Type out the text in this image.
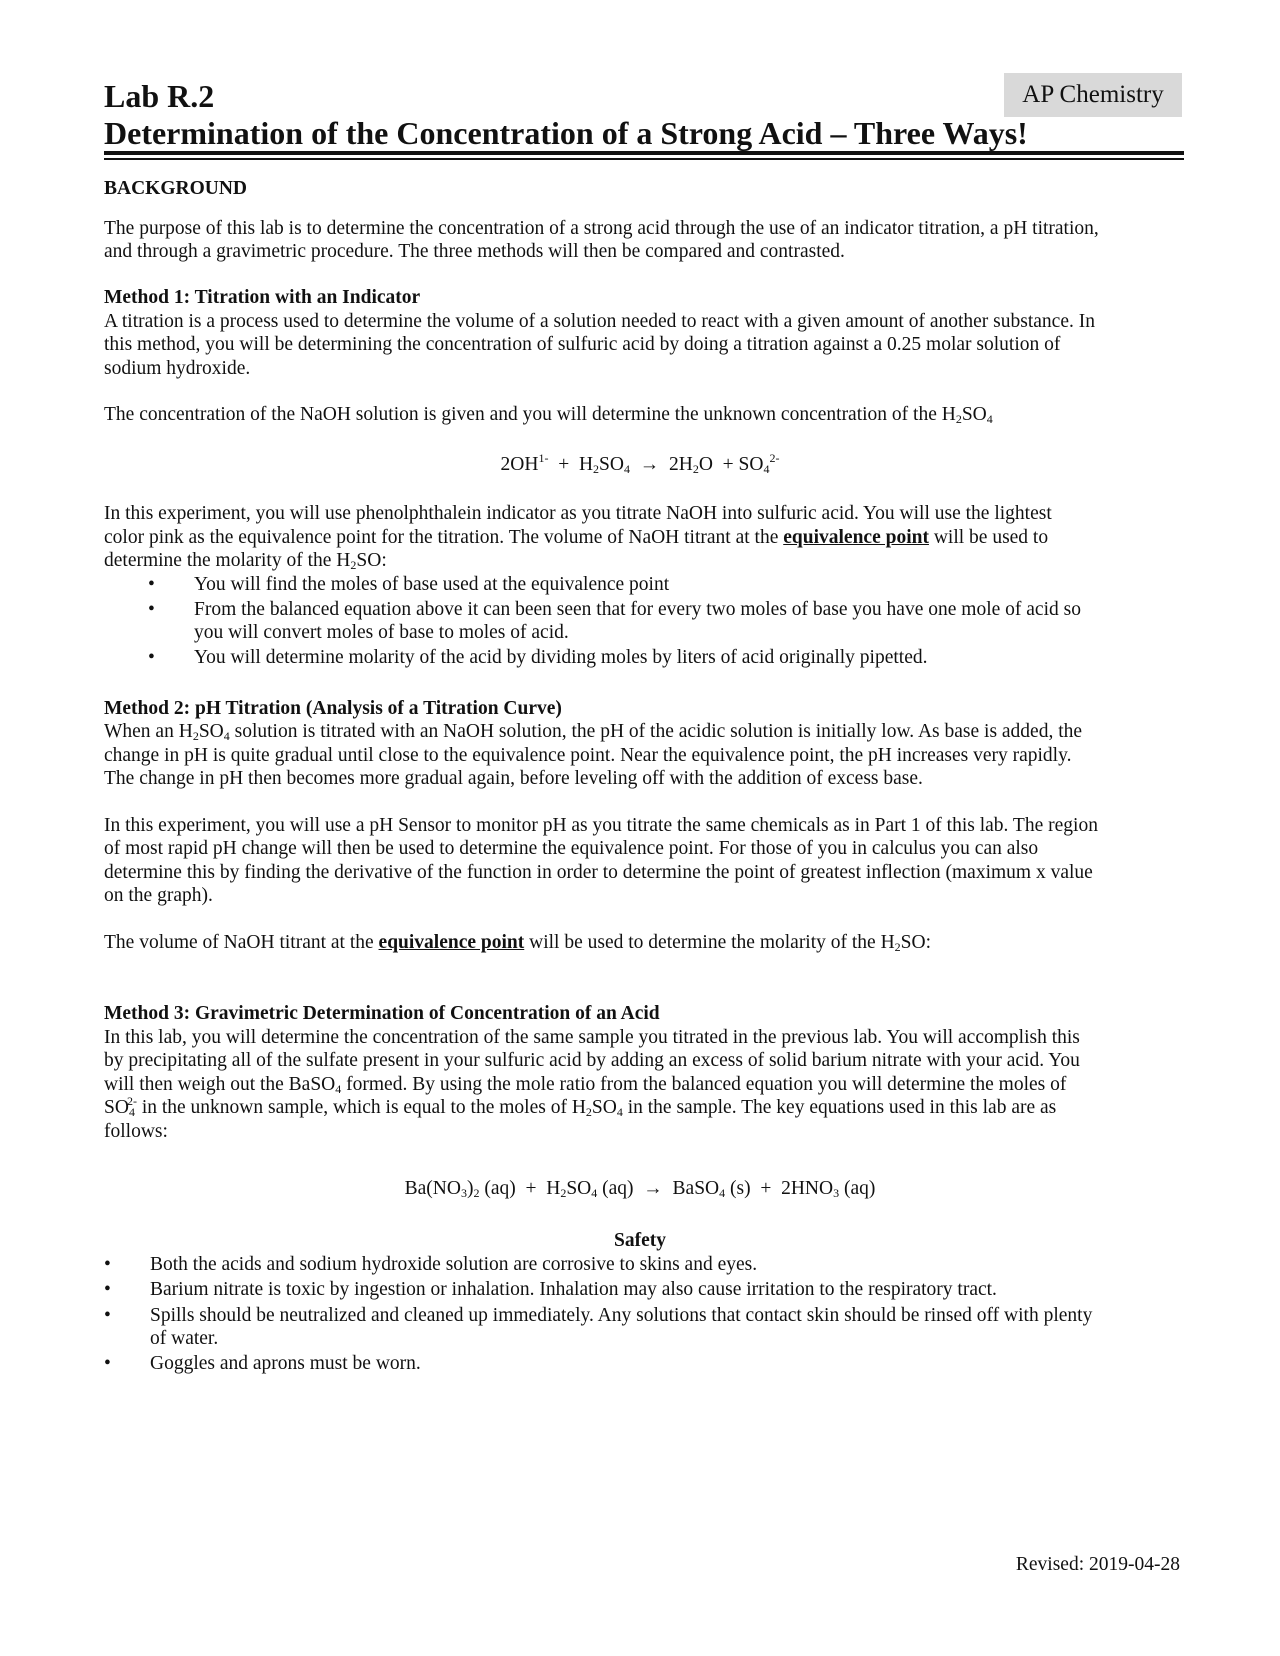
Lab R.2	AP Chemistry
Determination of the Concentration of a Strong Acid – Three Ways!
BACKGROUND
The purpose of this lab is to determine the concentration of a strong acid through the use of an indicator titration, a pH titration,
and through a gravimetric procedure. The three methods will then be compared and contrasted.
Method 1: Titration with an Indicator
A titration is a process used to determine the volume of a solution needed to react with a given amount of another substance. In
this method, you will be determining the concentration of sulfuric acid by doing a titration against a 0.25 molar solution of
sodium hydroxide.
The concentration of the NaOH solution is given and you will determine the unknown concentration of the $H_2SO_4$
$2OH^{1-} + H_2SO_4 \to 2H_2O + SO_4^{2-}$
In this experiment, you will use phenolphthalein indicator as you titrate NaOH into sulfuric acid. You will use the lightest
color pink as the equivalence point for the titration. The volume of NaOH titrant at the equivalence point will be used to
determine the molarity of the $H_2SO$:
• You will find the moles of base used at the equivalence point
• From the balanced equation above it can been seen that for every two moles of base you have one mole of acid so
you will convert moles of base to moles of acid.
• You will determine molarity of the acid by dividing moles by liters of acid originally pipetted.
Method 2: pH Titration (Analysis of a Titration Curve)
When an $H_2SO_4$ solution is titrated with an NaOH solution, the pH of the acidic solution is initially low. As base is added, the
change in pH is quite gradual until close to the equivalence point. Near the equivalence point, the pH increases very rapidly.
The change in pH then becomes more gradual again, before leveling off with the addition of excess base.
In this experiment, you will use a pH Sensor to monitor pH as you titrate the same chemicals as in Part 1 of this lab. The region
of most rapid pH change will then be used to determine the equivalence point. For those of you in calculus you can also
determine this by finding the derivative of the function in order to determine the point of greatest inflection (maximum x value
on the graph).
The volume of NaOH titrant at the equivalence point will be used to determine the molarity of the $H_2SO$:
Method 3: Gravimetric Determination of Concentration of an Acid
In this lab, you will determine the concentration of the same sample you titrated in the previous lab. You will accomplish this
by precipitating all of the sulfate present in your sulfuric acid by adding an excess of solid barium nitrate with your acid. You
will then weigh out the BaSO$_4$ formed. By using the mole ratio from the balanced equation you will determine the moles of
$SO_4^{2-}$ in the unknown sample, which is equal to the moles of $H_2SO_4$ in the sample. The key equations used in this lab are as
follows:
$Ba(NO_3)_2$ $(aq) + H_2SO_4$ (aq)  →  BaSO$_4$ $(s) + 2HNO_3$ (aq)
Safety
• Both the acids and sodium hydroxide solution are corrosive to skins and eyes.
• Barium nitrate is toxic by ingestion or inhalation. Inhalation may also cause irritation to the respiratory tract.
• Spills should be neutralized and cleaned up immediately. Any solutions that contact skin should be rinsed off with plenty
of water.
• Goggles and aprons must be worn.
Revised: 2019-04-28
